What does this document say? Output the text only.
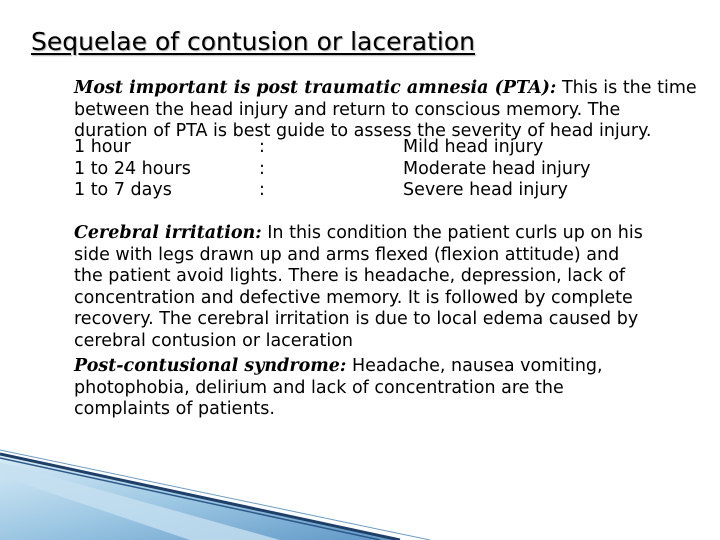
Sequelae of contusion or laceration
Most important is post traumatic amnesia (PTA): This is the time
between the head injury and return to conscious memory. The
duration of PTA is best guide to assess the severity of head injury.
1 hour	:	Mild head injury
1 to 24 hours	:	Moderate head injury
1 to 7 days	:	Severe head injury
Cerebral irritation: In this condition the patient curls up on his
side with legs drawn up and arms flexed (flexion attitude) and
the patient avoid lights. There is headache, depression, lack of
concentration and defective memory. It is followed by complete
recovery. The cerebral irritation is due to local edema caused by
cerebral contusion or laceration
Post-contusional syndrome: Headache, nausea vomiting,
photophobia, delirium and lack of concentration are the
complaints of patients.
